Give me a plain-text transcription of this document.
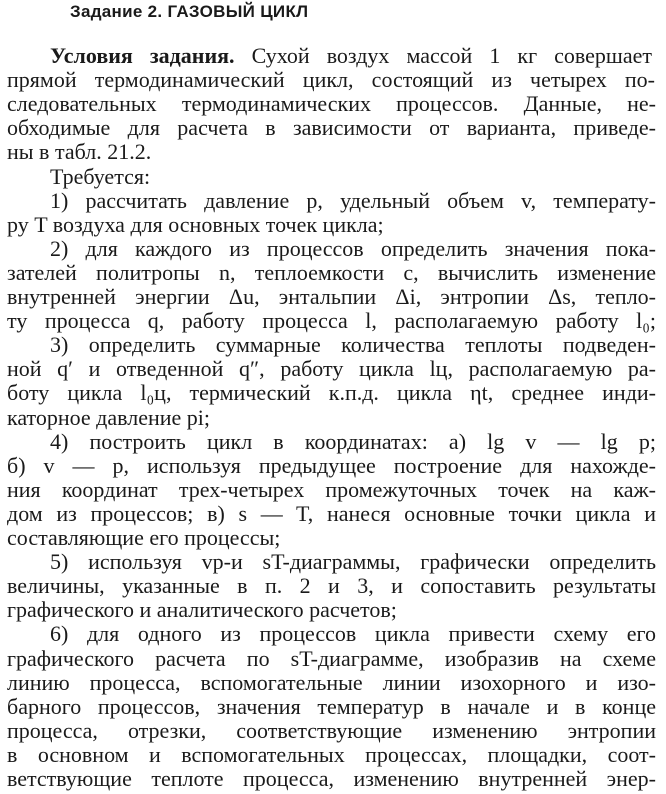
Задание 2. ГАЗОВЫЙ ЦИКЛ
Условия задания. Сухой воздух массой 1 кг совершает
прямой термодинамический цикл, состоящий из четырех по-
следовательных термодинамических процессов. Данные, не-
обходимые для расчета в зависимости от варианта, приведе-
ны в табл. 21.2.
Требуется:
1) рассчитать давление p, удельный объем v, температу-
ру T воздуха для основных точек цикла;
2) для каждого из процессов определить значения пока-
зателей политропы n, теплоемкости c, вычислить изменение
внутренней энергии Δu, энтальпии Δi, энтропии Δs, тепло-
ту процесса q, работу процесса l, располагаемую работу l₀;
3) определить суммарные количества теплоты подведен-
ной q′ и отведенной q″, работу цикла lц, располагаемую ра-
боту цикла l₀ц, термический к.п.д. цикла ηt, среднее инди-
каторное давление pi;
4) построить цикл в координатах: а) lg v — lg p;
б) v — p, используя предыдущее построение для нахожде-
ния координат трех-четырех промежуточных точек на каж-
дом из процессов; в) s — T, нанеся основные точки цикла и
составляющие его процессы;
5) используя vp-и sT-диаграммы, графически определить
величины, указанные в п. 2 и 3, и сопоставить результаты
графического и аналитического расчетов;
6) для одного из процессов цикла привести схему его
графического расчета по sT-диаграмме, изобразив на схеме
линию процесса, вспомогательные линии изохорного и изо-
барного процессов, значения температур в начале и в конце
процесса, отрезки, соответствующие изменению энтропии
в основном и вспомогательных процессах, площадки, соот-
ветствующие теплоте процесса, изменению внутренней энер-
